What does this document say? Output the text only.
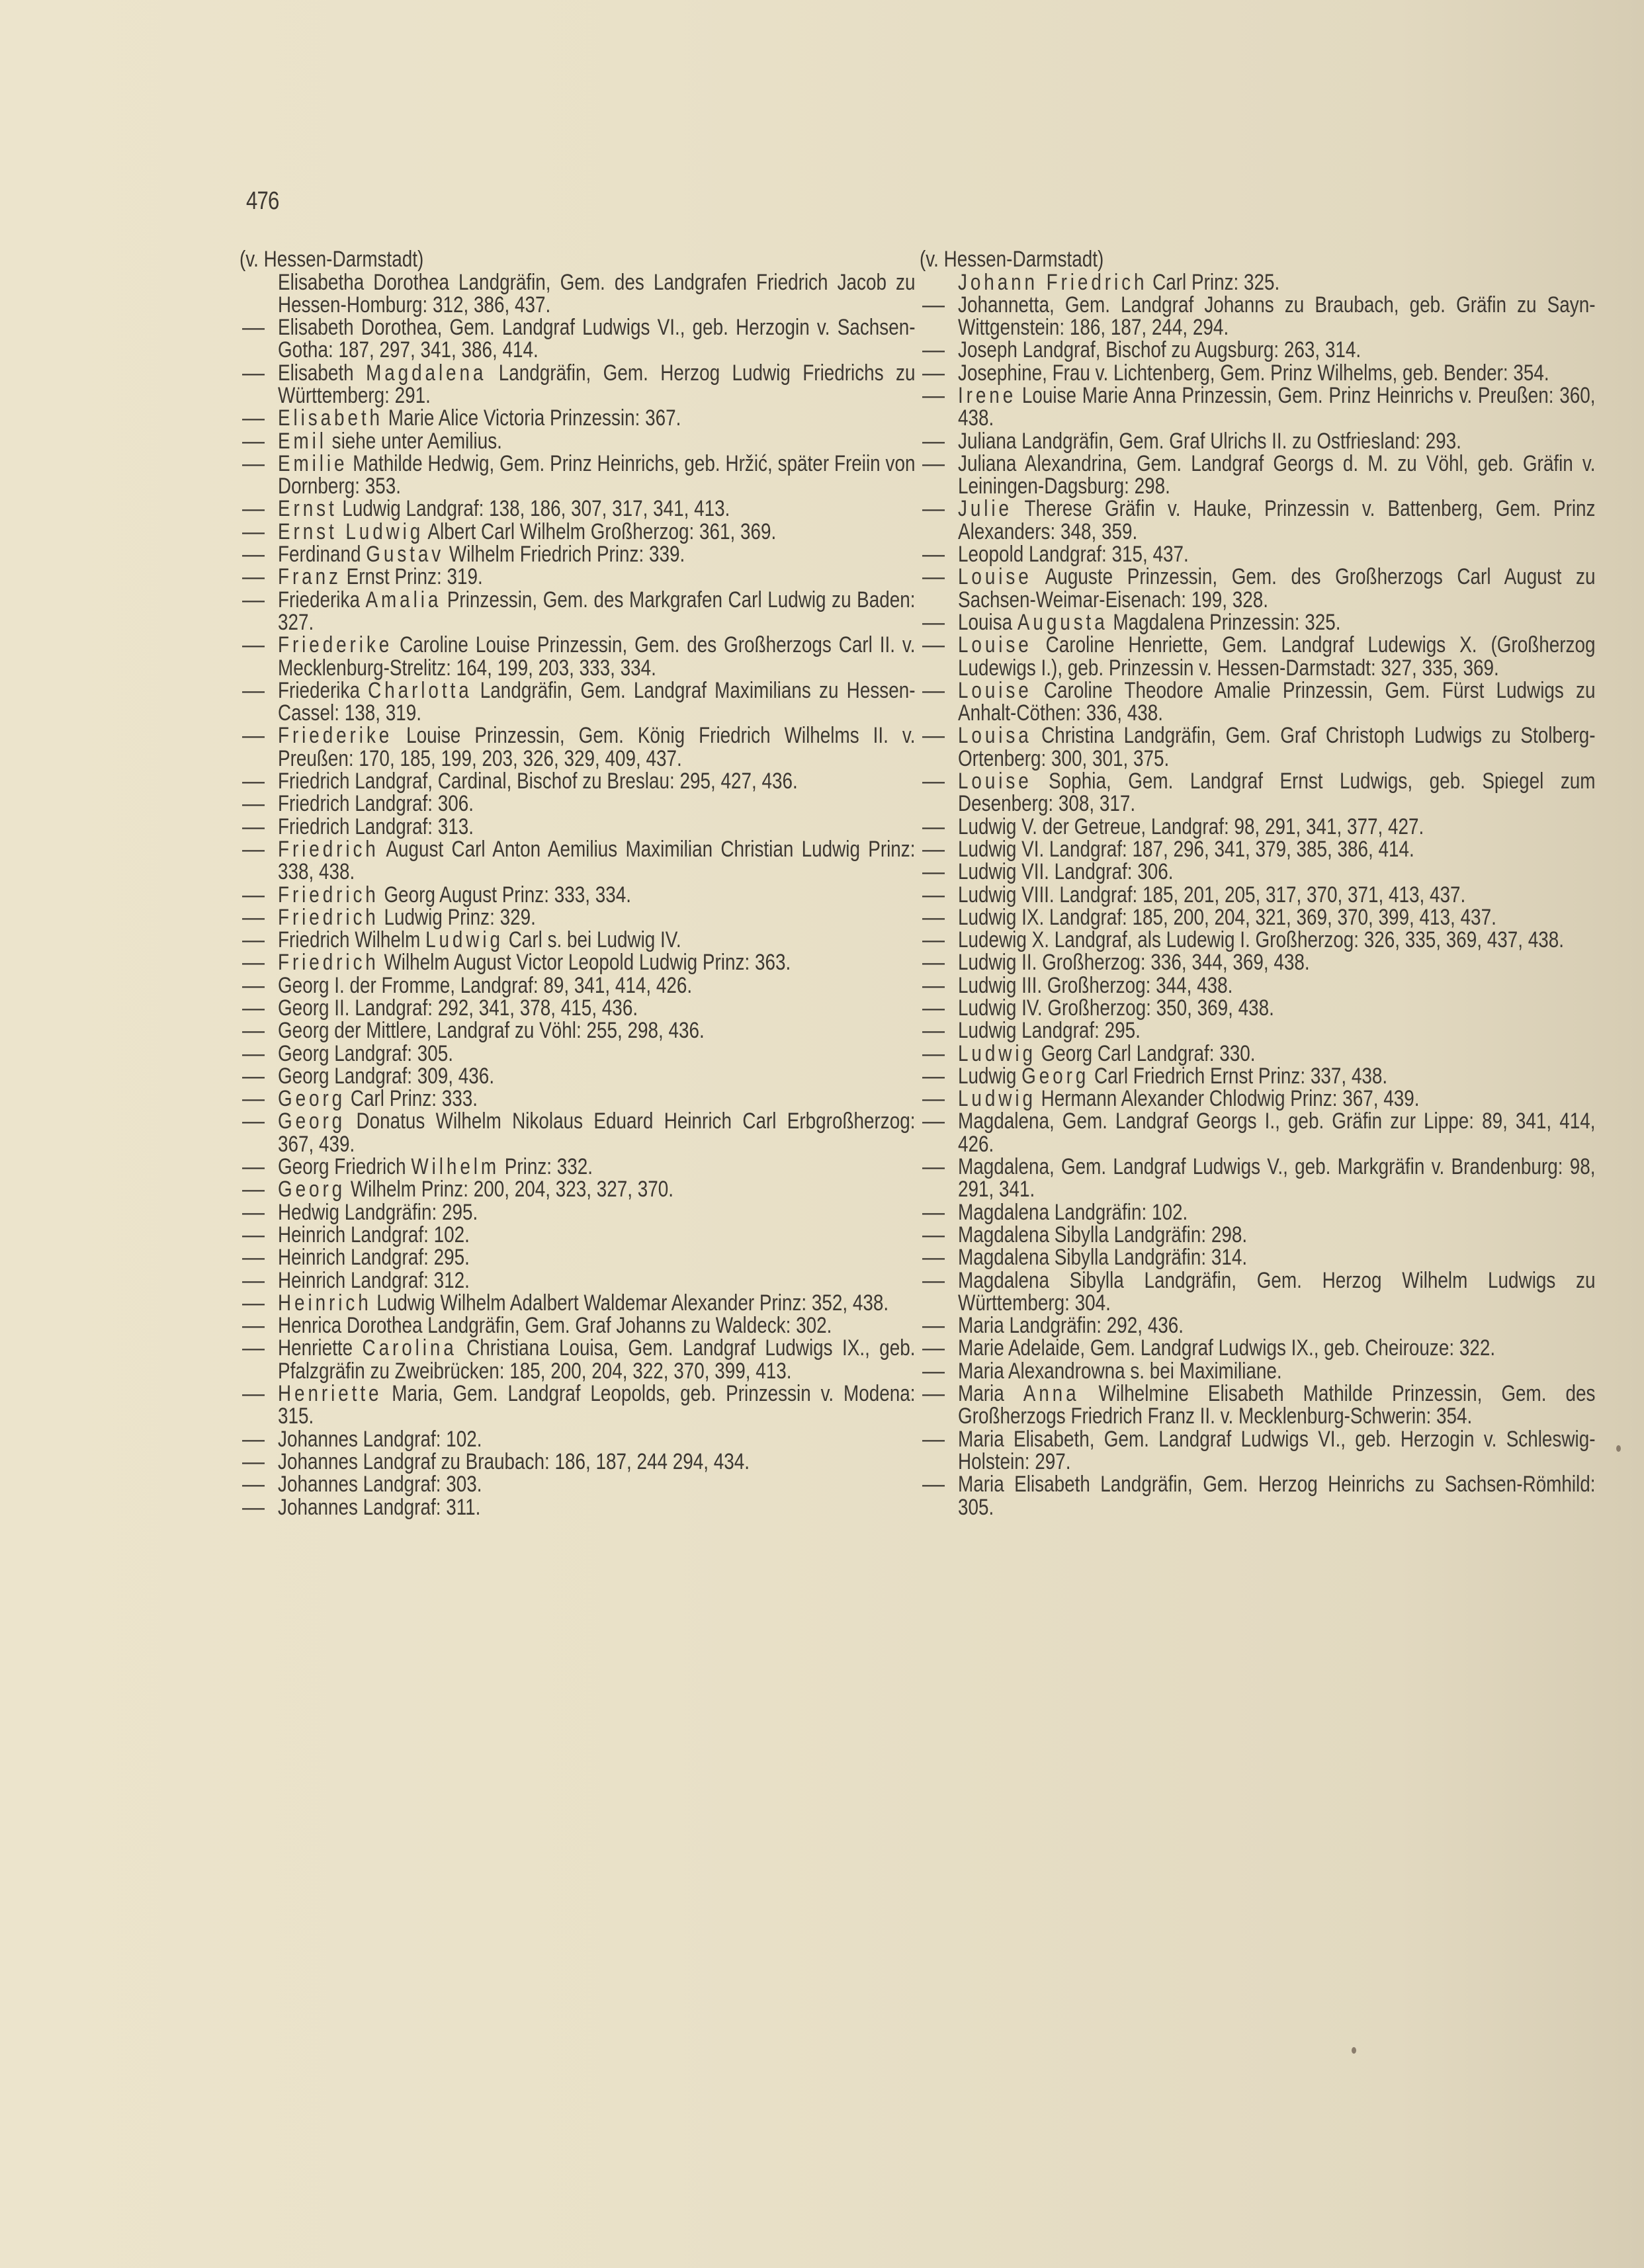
476
(v. Hessen-Darmstadt)
Elisabetha Dorothea Landgräfin, Gem. des Landgrafen Friedrich Jacob zu Hessen-Homburg: 312, 386, 437.
— Elisabeth Dorothea, Gem. Landgraf Ludwigs VI., geb. Herzogin v. Sachsen-Gotha: 187, 297, 341, 386, 414.
— Elisabeth Magdalena Landgräfin, Gem. Herzog Ludwig Friedrichs zu Württemberg: 291.
— Elisabeth Marie Alice Victoria Prinzessin: 367.
— Emil siehe unter Aemilius.
— Emilie Mathilde Hedwig, Gem. Prinz Heinrichs, geb. Hržić, später Freiin von Dornberg: 353.
— Ernst Ludwig Landgraf: 138, 186, 307, 317, 341, 413.
— Ernst Ludwig Albert Carl Wilhelm Großherzog: 361, 369.
— Ferdinand Gustav Wilhelm Friedrich Prinz: 339.
— Franz Ernst Prinz: 319.
— Friederika Amalia Prinzessin, Gem. des Markgrafen Carl Ludwig zu Baden: 327.
— Friederike Caroline Louise Prinzessin, Gem. des Großherzogs Carl II. v. Mecklenburg-Strelitz: 164, 199, 203, 333, 334.
— Friederika Charlotta Landgräfin, Gem. Landgraf Maximilians zu Hessen-Cassel: 138, 319.
— Friederike Louise Prinzessin, Gem. König Friedrich Wilhelms II. v. Preußen: 170, 185, 199, 203, 326, 329, 409, 437.
— Friedrich Landgraf, Cardinal, Bischof zu Breslau: 295, 427, 436.
— Friedrich Landgraf: 306.
— Friedrich Landgraf: 313.
— Friedrich August Carl Anton Aemilius Maximilian Christian Ludwig Prinz: 338, 438.
— Friedrich Georg August Prinz: 333, 334.
— Friedrich Ludwig Prinz: 329.
— Friedrich Wilhelm Ludwig Carl s. bei Ludwig IV.
— Friedrich Wilhelm August Victor Leopold Ludwig Prinz: 363.
— Georg I. der Fromme, Landgraf: 89, 341, 414, 426.
— Georg II. Landgraf: 292, 341, 378, 415, 436.
— Georg der Mittlere, Landgraf zu Vöhl: 255, 298, 436.
— Georg Landgraf: 305.
— Georg Landgraf: 309, 436.
— Georg Carl Prinz: 333.
— Georg Donatus Wilhelm Nikolaus Eduard Heinrich Carl Erbgroßherzog: 367, 439.
— Georg Friedrich Wilhelm Prinz: 332.
— Georg Wilhelm Prinz: 200, 204, 323, 327, 370.
— Hedwig Landgräfin: 295.
— Heinrich Landgraf: 102.
— Heinrich Landgraf: 295.
— Heinrich Landgraf: 312.
— Heinrich Ludwig Wilhelm Adalbert Waldemar Alexander Prinz: 352, 438.
— Henrica Dorothea Landgräfin, Gem. Graf Johanns zu Waldeck: 302.
— Henriette Carolina Christiana Louisa, Gem. Landgraf Ludwigs IX., geb. Pfalzgräfin zu Zweibrücken: 185, 200, 204, 322, 370, 399, 413.
— Henriette Maria, Gem. Landgraf Leopolds, geb. Prinzessin v. Modena: 315.
— Johannes Landgraf: 102.
— Johannes Landgraf zu Braubach: 186, 187, 244 294, 434.
— Johannes Landgraf: 303.
— Johannes Landgraf: 311.
(v. Hessen-Darmstadt)
Johann Friedrich Carl Prinz: 325.
— Johannetta, Gem. Landgraf Johanns zu Braubach, geb. Gräfin zu Sayn-Wittgenstein: 186, 187, 244, 294.
— Joseph Landgraf, Bischof zu Augsburg: 263, 314.
— Josephine, Frau v. Lichtenberg, Gem. Prinz Wilhelms, geb. Bender: 354.
— Irene Louise Marie Anna Prinzessin, Gem. Prinz Heinrichs v. Preußen: 360, 438.
— Juliana Landgräfin, Gem. Graf Ulrichs II. zu Ostfriesland: 293.
— Juliana Alexandrina, Gem. Landgraf Georgs d. M. zu Vöhl, geb. Gräfin v. Leiningen-Dagsburg: 298.
— Julie Therese Gräfin v. Hauke, Prinzessin v. Battenberg, Gem. Prinz Alexanders: 348, 359.
— Leopold Landgraf: 315, 437.
— Louise Auguste Prinzessin, Gem. des Großherzogs Carl August zu Sachsen-Weimar-Eisenach: 199, 328.
— Louisa Augusta Magdalena Prinzessin: 325.
— Louise Caroline Henriette, Gem. Landgraf Ludewigs X. (Großherzog Ludewigs I.), geb. Prinzessin v. Hessen-Darmstadt: 327, 335, 369.
— Louise Caroline Theodore Amalie Prinzessin, Gem. Fürst Ludwigs zu Anhalt-Cöthen: 336, 438.
— Louisa Christina Landgräfin, Gem. Graf Christoph Ludwigs zu Stolberg-Ortenberg: 300, 301, 375.
— Louise Sophia, Gem. Landgraf Ernst Ludwigs, geb. Spiegel zum Desenberg: 308, 317.
— Ludwig V. der Getreue, Landgraf: 98, 291, 341, 377, 427.
— Ludwig VI. Landgraf: 187, 296, 341, 379, 385, 386, 414.
— Ludwig VII. Landgraf: 306.
— Ludwig VIII. Landgraf: 185, 201, 205, 317, 370, 371, 413, 437.
— Ludwig IX. Landgraf: 185, 200, 204, 321, 369, 370, 399, 413, 437.
— Ludewig X. Landgraf, als Ludewig I. Großherzog: 326, 335, 369, 437, 438.
— Ludwig II. Großherzog: 336, 344, 369, 438.
— Ludwig III. Großherzog: 344, 438.
— Ludwig IV. Großherzog: 350, 369, 438.
— Ludwig Landgraf: 295.
— Ludwig Georg Carl Landgraf: 330.
— Ludwig Georg Carl Friedrich Ernst Prinz: 337, 438.
— Ludwig Hermann Alexander Chlodwig Prinz: 367, 439.
— Magdalena, Gem. Landgraf Georgs I., geb. Gräfin zur Lippe: 89, 341, 414, 426.
— Magdalena, Gem. Landgraf Ludwigs V., geb. Markgräfin v. Brandenburg: 98, 291, 341.
— Magdalena Landgräfin: 102.
— Magdalena Sibylla Landgräfin: 298.
— Magdalena Sibylla Landgräfin: 314.
— Magdalena Sibylla Landgräfin, Gem. Herzog Wilhelm Ludwigs zu Württemberg: 304.
— Maria Landgräfin: 292, 436.
— Marie Adelaide, Gem. Landgraf Ludwigs IX., geb. Cheirouze: 322.
— Maria Alexandrowna s. bei Maximiliane.
— Maria Anna Wilhelmine Elisabeth Mathilde Prinzessin, Gem. des Großherzogs Friedrich Franz II. v. Mecklenburg-Schwerin: 354.
— Maria Elisabeth, Gem. Landgraf Ludwigs VI., geb. Herzogin v. Schleswig-Holstein: 297.
— Maria Elisabeth Landgräfin, Gem. Herzog Heinrichs zu Sachsen-Römhild: 305.
